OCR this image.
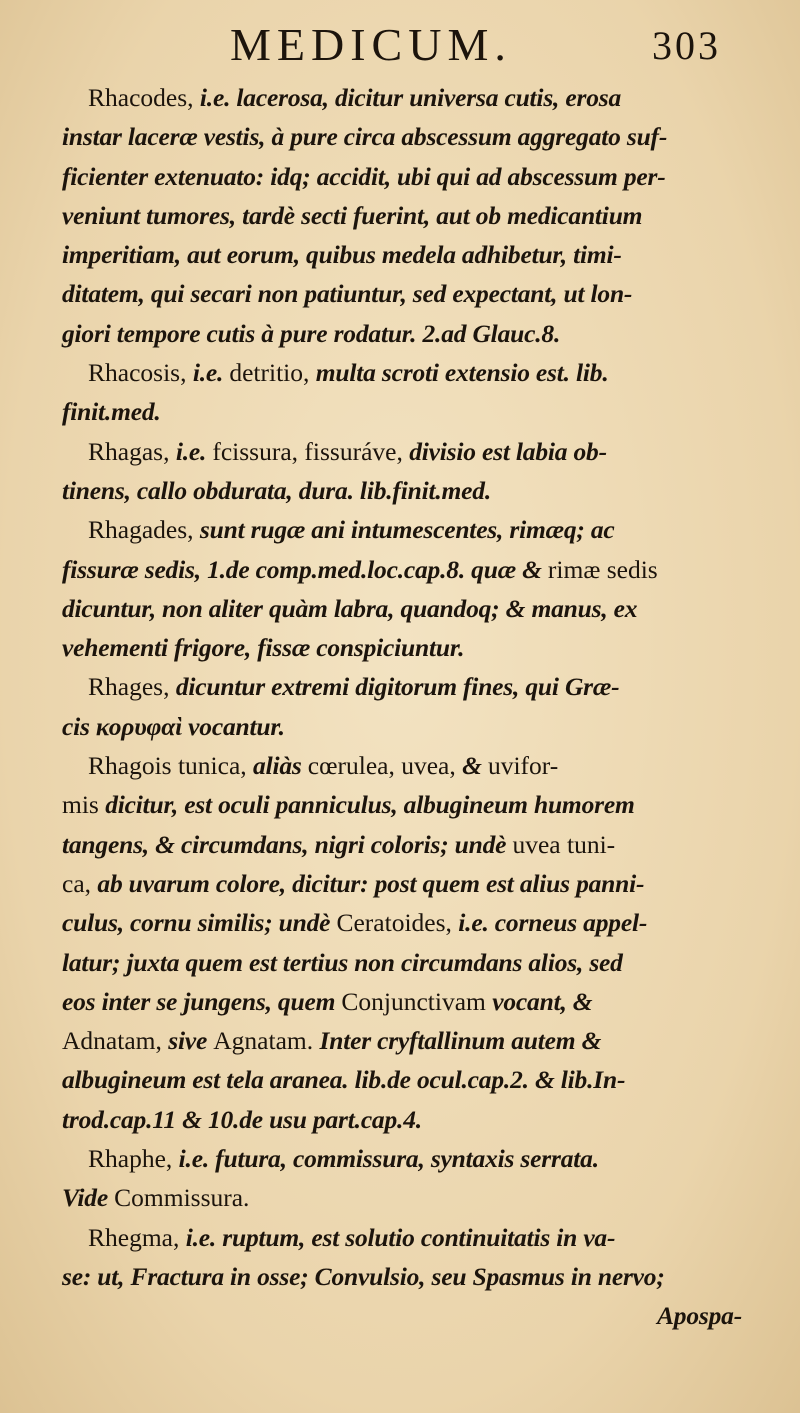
MEDICUM.	303
Rhacodes, i.e. lacerosa, dicitur universa cutis, erosa
instar laceræ vestis, à pure circa abscessum aggregato suf-
ficienter extenuato: idq; accidit, ubi qui ad abscessum per-
veniunt tumores, tardè secti fuerint, aut ob medicantium
imperitiam, aut eorum, quibus medela adhibetur, timi-
ditatem, qui secari non patiuntur, sed expectant, ut lon-
giori tempore cutis à pure rodatur. 2.ad Glauc.8.
Rhacosis, i.e. detritio, multa scroti extensio est. lib.
finit.med.
Rhagas, i.e. fcissura, fissuráve, divisio est labia ob-
tinens, callo obdurata, dura. lib.finit.med.
Rhagades, sunt rugæ ani intumescentes, rimæq; ac
fissuræ sedis, 1.de comp.med.loc.cap.8. quæ & rimæ sedis
dicuntur, non aliter quàm labra, quandoq; & manus, ex
vehementi frigore, fissæ conspiciuntur.
Rhages, dicuntur extremi digitorum fines, qui Græ-
cis κορυφαὶ vocantur.
Rhagois tunica, aliàs cœrulea, uvea, & uvifor-
mis dicitur, est oculi panniculus, albugineum humorem
tangens, & circumdans, nigri coloris; undè uvea tuni-
ca, ab uvarum colore, dicitur: post quem est alius panni-
culus, cornu similis; undè Ceratoides, i.e. corneus appel-
latur; juxta quem est tertius non circumdans alios, sed
eos inter se jungens, quem Conjunctivam vocant, &
Adnatam, sive Agnatam. Inter cryftallinum autem &
albugineum est tela aranea. lib.de ocul.cap.2. & lib.In-
trod.cap.11 & 10.de usu part.cap.4.
Rhaphe, i.e. futura, commissura, syntaxis serrata.
Vide Commissura.
Rhegma, i.e. ruptum, est solutio continuitatis in va-
se: ut, Fractura in osse; Convulsio, seu Spasmus in nervo;
Apospa-
